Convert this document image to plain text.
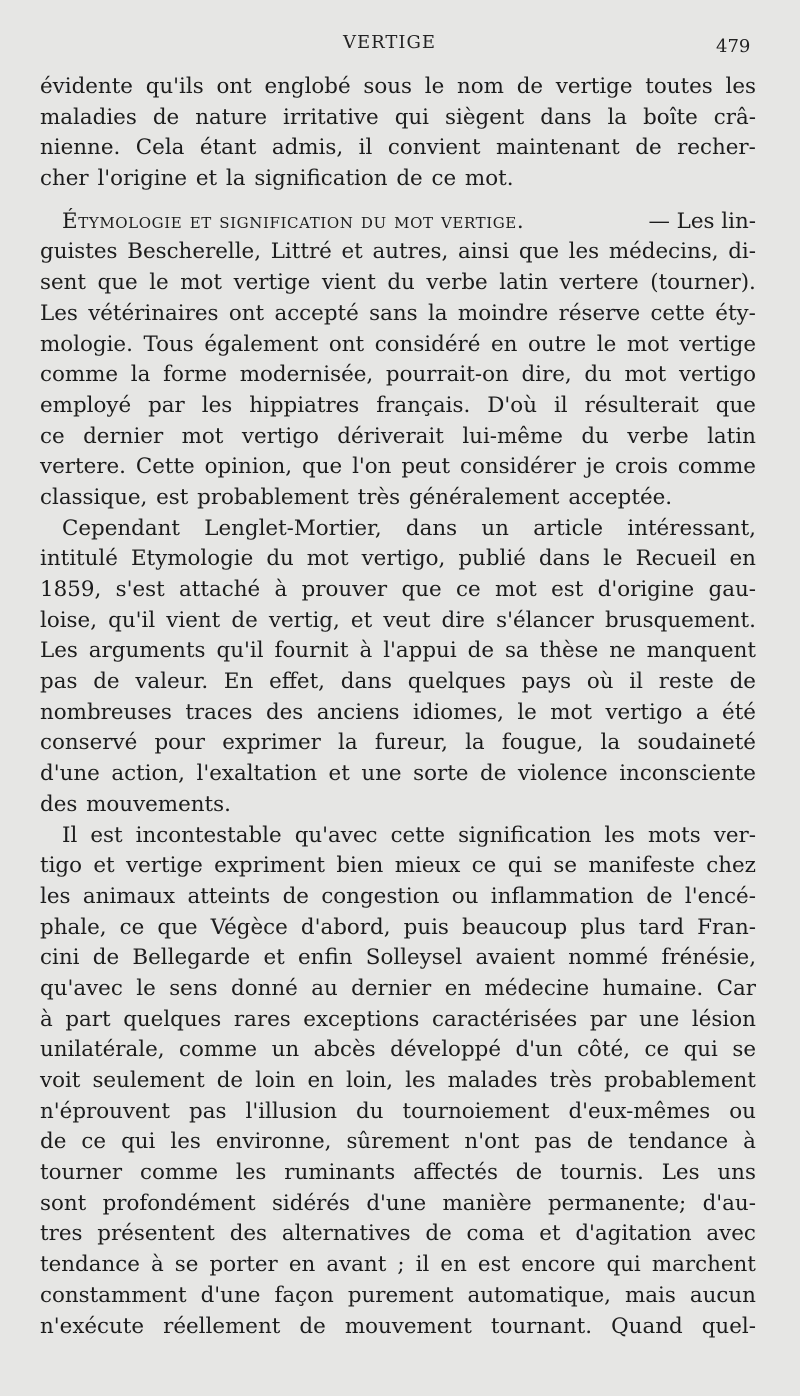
VERTIGE	479
évidente qu'ils ont englobé sous le nom de vertige toutes les
maladies de nature irritative qui siègent dans la boîte crâ-
nienne. Cela étant admis, il convient maintenant de recher-
cher l'origine et la signification de ce mot.
Étymologie et signification du mot vertige.	— Les lin-
guistes Bescherelle, Littré et autres, ainsi que les médecins, di-
sent que le mot vertige vient du verbe latin vertere (tourner).
Les vétérinaires ont accepté sans la moindre réserve cette éty-
mologie. Tous également ont considéré en outre le mot vertige
comme la forme modernisée, pourrait-on dire, du mot vertigo
employé par les hippiatres français. D'où il résulterait que
ce dernier mot vertigo dériverait lui-même du verbe latin
vertere. Cette opinion, que l'on peut considérer je crois comme
classique, est probablement très généralement acceptée.
Cependant Lenglet-Mortier, dans un article intéressant,
intitulé Etymologie du mot vertigo, publié dans le Recueil en
1859, s'est attaché à prouver que ce mot est d'origine gau-
loise, qu'il vient de vertig, et veut dire s'élancer brusquement.
Les arguments qu'il fournit à l'appui de sa thèse ne manquent
pas de valeur. En effet, dans quelques pays où il reste de
nombreuses traces des anciens idiomes, le mot vertigo a été
conservé pour exprimer la fureur, la fougue, la soudaineté
d'une action, l'exaltation et une sorte de violence inconsciente
des mouvements.
Il est incontestable qu'avec cette signification les mots ver-
tigo et vertige expriment bien mieux ce qui se manifeste chez
les animaux atteints de congestion ou inflammation de l'encé-
phale, ce que Végèce d'abord, puis beaucoup plus tard Fran-
cini de Bellegarde et enfin Solleysel avaient nommé frénésie,
qu'avec le sens donné au dernier en médecine humaine. Car
à part quelques rares exceptions caractérisées par une lésion
unilatérale, comme un abcès développé d'un côté, ce qui se
voit seulement de loin en loin, les malades très probablement
n'éprouvent pas l'illusion du tournoiement d'eux-mêmes ou
de ce qui les environne, sûrement n'ont pas de tendance à
tourner comme les ruminants affectés de tournis. Les uns
sont profondément sidérés d'une manière permanente; d'au-
tres présentent des alternatives de coma et d'agitation avec
tendance à se porter en avant ; il en est encore qui marchent
constamment d'une façon purement automatique, mais aucun
n'exécute réellement de mouvement tournant. Quand quel-
